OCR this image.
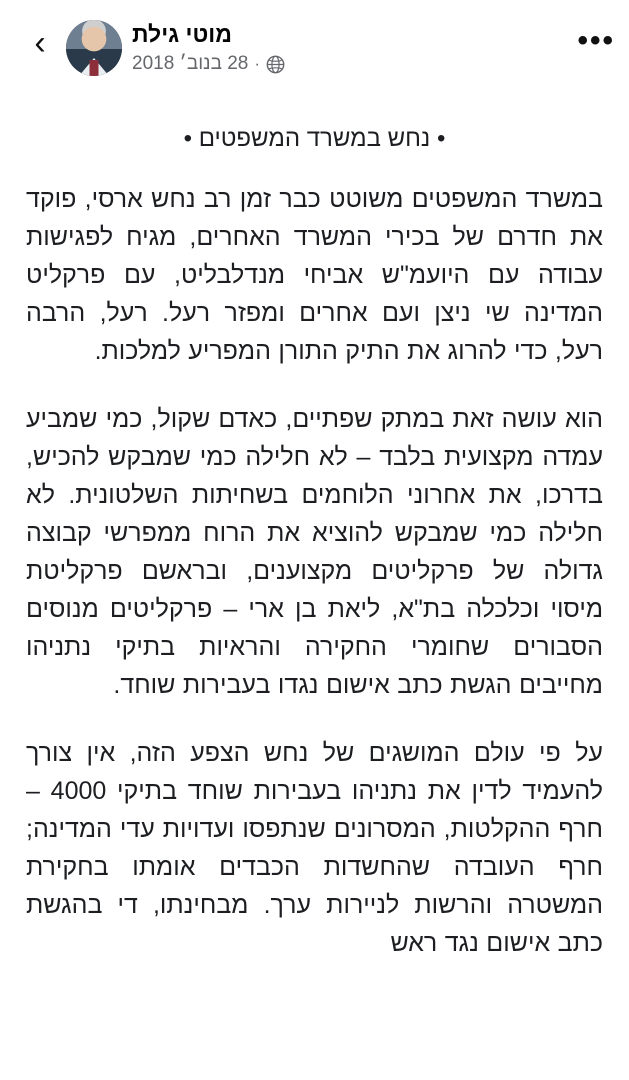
•••
מוטי גילת
·
28 בנוב׳ 2018
›
• נחש במשרד המשפטים •

במשרד המשפטים משוטט כבר זמן רב נחש ארסי, פוקד את חדרם של בכירי המשרד האחרים, מגיח לפגישות עבודה עם היועמ"ש אביחי מנדלבליט, עם פרקליט המדינה שי ניצן ועם אחרים ומפזר רעל. רעל, הרבה רעל, כדי להרוג את התיק התורן המפריע למלכות.

הוא עושה זאת במתק שפתיים, כאדם שקול, כמי שמביע עמדה מקצועית בלבד – לא חלילה כמי שמבקש להכיש, בדרכו, את אחרוני הלוחמים בשחיתות השלטונית. לא חלילה כמי שמבקש להוציא את הרוח ממפרשי קבוצה גדולה של פרקליטים מקצוענים, ובראשם פרקליטת מיסוי וכלכלה בת"א, ליאת בן ארי – פרקליטים מנוסים הסבורים שחומרי החקירה והראיות בתיקי נתניהו מחייבים הגשת כתב אישום נגדו בעבירות שוחד.

על פי עולם המושגים של נחש הצפע הזה, אין צורך להעמיד לדין את נתניהו בעבירות שוחד בתיקי 4000 – חרף ההקלטות, המסרונים שנתפסו ועדויות עדי המדינה; חרף העובדה שהחשדות הכבדים אומתו בחקירת המשטרה והרשות לניירות ערך. מבחינתו, די בהגשת כתב אישום נגד ראש
